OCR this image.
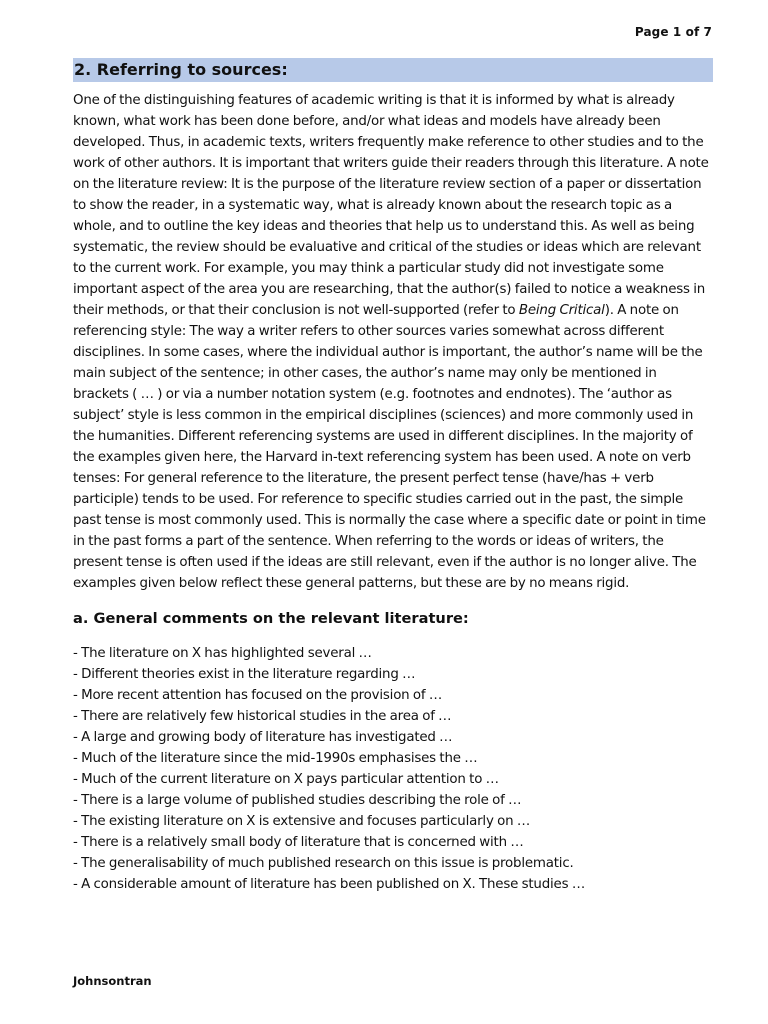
Page 1 of 7
2. Referring to sources:

One of the distinguishing features of academic writing is that it is informed by what is already known, what work has been done before, and/or what ideas and models have already been developed. Thus, in academic texts, writers frequently make reference to other studies and to the work of other authors. It is important that writers guide their readers through this literature. A note on the literature review: It is the purpose of the literature review section of a paper or dissertation to show the reader, in a systematic way, what is already known about the research topic as a whole, and to outline the key ideas and theories that help us to understand this. As well as being systematic, the review should be evaluative and critical of the studies or ideas which are relevant to the current work. For example, you may think a particular study did not investigate some important aspect of the area you are researching, that the author(s) failed to notice a weakness in their methods, or that their conclusion is not well-supported (refer to Being Critical). A note on referencing style: The way a writer refers to other sources varies somewhat across different disciplines. In some cases, where the individual author is important, the author’s name will be the main subject of the sentence; in other cases, the author’s name may only be mentioned in brackets ( … ) or via a number notation system (e.g. footnotes and endnotes). The ‘author as subject’ style is less common in the empirical disciplines (sciences) and more commonly used in the humanities. Different referencing systems are used in different disciplines. In the majority of the examples given here, the Harvard in-text referencing system has been used. A note on verb tenses: For general reference to the literature, the present perfect tense (have/has + verb participle) tends to be used. For reference to specific studies carried out in the past, the simple past tense is most commonly used. This is normally the case where a specific date or point in time in the past forms a part of the sentence. When referring to the words or ideas of writers, the present tense is often used if the ideas are still relevant, even if the author is no longer alive. The examples given below reflect these general patterns, but these are by no means rigid.

a. General comments on the relevant literature:
- The literature on X has highlighted several …
- Different theories exist in the literature regarding …
- More recent attention has focused on the provision of …
- There are relatively few historical studies in the area of …
- A large and growing body of literature has investigated …
- Much of the literature since the mid-1990s emphasises the …
- Much of the current literature on X pays particular attention to …
- There is a large volume of published studies describing the role of …
- The existing literature on X is extensive and focuses particularly on …
- There is a relatively small body of literature that is concerned with …
- The generalisability of much published research on this issue is problematic.
- A considerable amount of literature has been published on X. These studies …
Johnsontran
